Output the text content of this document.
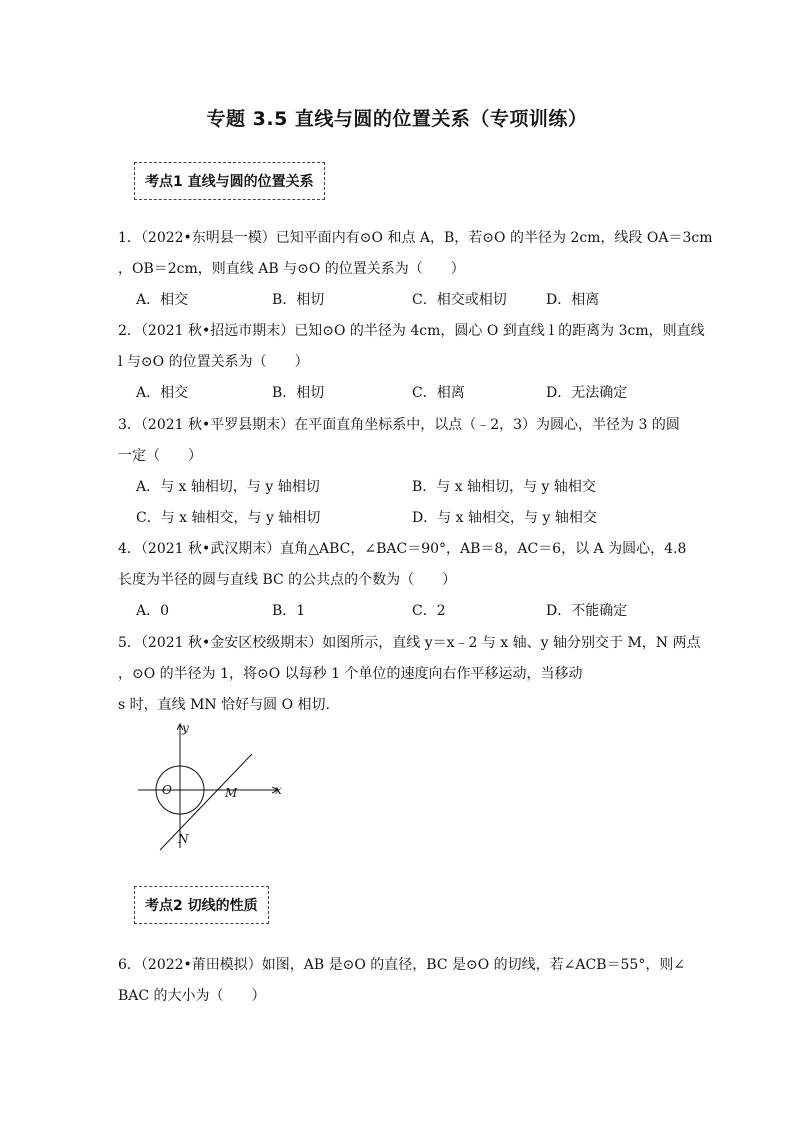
专题 3.5 直线与圆的位置关系（专项训练）
考点1 直线与圆的位置关系
1．（2022•东明县一模）已知平面内有⊙O 和点 A，B，若⊙O 的半径为 2cm，线段 OA＝3cm
，OB＝2cm，则直线 AB 与⊙O 的位置关系为（　　）
A．相交	B．相切	C．相交或相切	D．相离
2．（2021 秋•招远市期末）已知⊙O 的半径为 4cm，圆心 O 到直线 l 的距离为 3cm，则直线
l 与⊙O 的位置关系为（　　）
A．相交	B．相切	C．相离	D．无法确定
3．（2021 秋•平罗县期末）在平面直角坐标系中，以点（﹣2，3）为圆心，半径为 3 的圆
一定（　　）
A．与 x 轴相切，与 y 轴相切	B．与 x 轴相切，与 y 轴相交
C．与 x 轴相交，与 y 轴相切	D．与 x 轴相交，与 y 轴相交
4．（2021 秋•武汉期末）直角△ABC，∠BAC＝90°，AB＝8，AC＝6，以 A 为圆心，4.8
长度为半径的圆与直线 BC 的公共点的个数为（　　）
A．0	B．1	C．2	D．不能确定
5．（2021 秋•金安区校级期末）如图所示，直线 y＝x﹣2 与 x 轴、y 轴分别交于 M，N 两点
，⊙O 的半径为 1，将⊙O 以每秒 1 个单位的速度向右作平移运动，当移动
s 时，直线 MN 恰好与圆 O 相切．
y
x
O	M
N
考点2 切线的性质
6．（2022•莆田模拟）如图，AB 是⊙O 的直径，BC 是⊙O 的切线，若∠ACB＝55°，则∠
BAC 的大小为（　　）
